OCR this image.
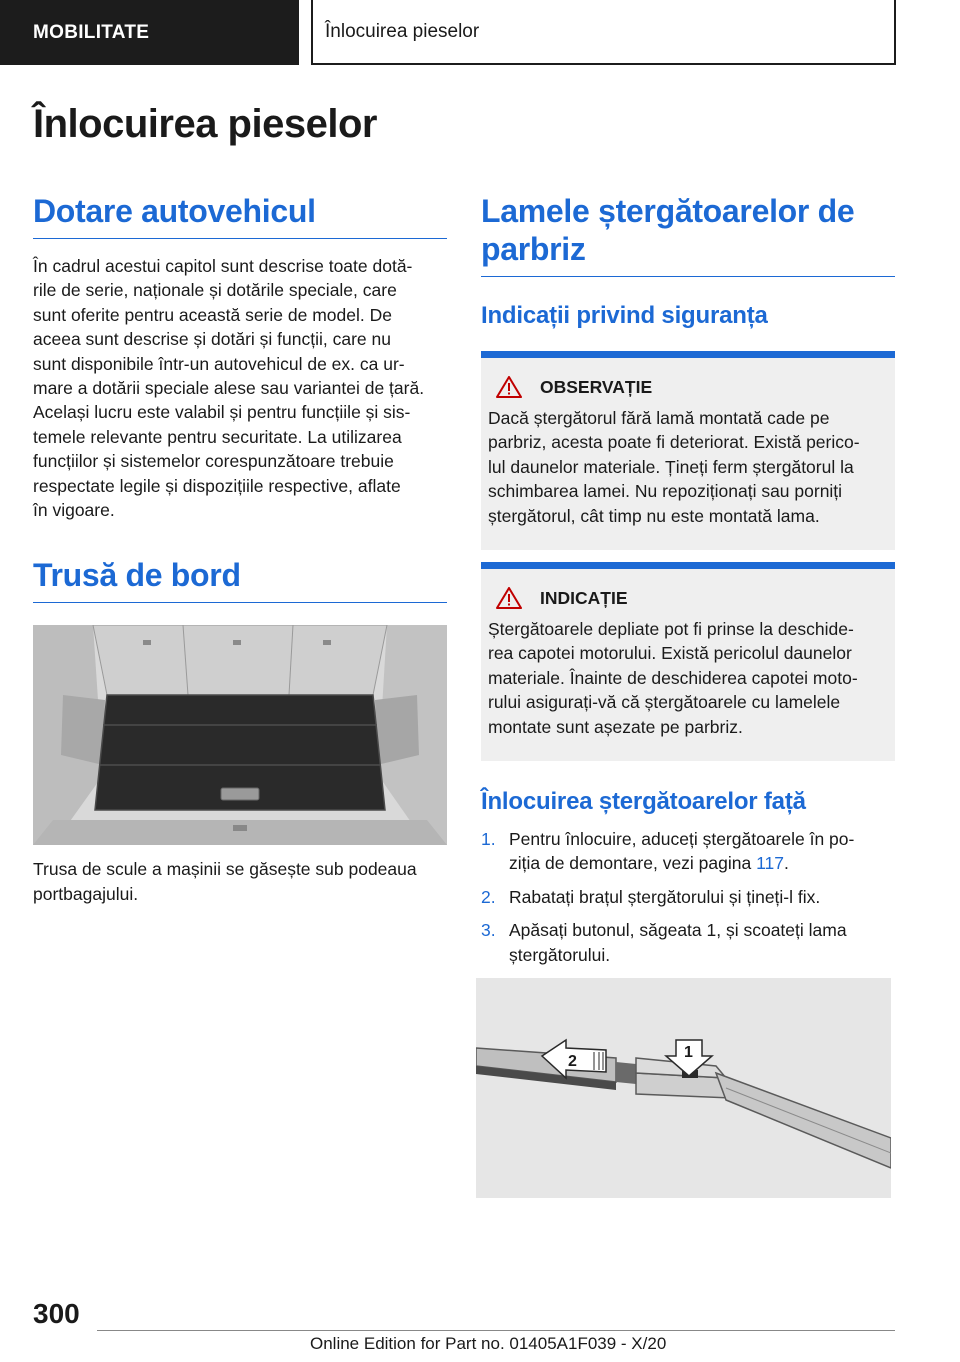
MOBILITATE	Înlocuirea pieselor
Înlocuirea pieselor
Dotare autovehicul
În cadrul acestui capitol sunt descrise toate dotă-
rile de serie, naționale și dotările speciale, care
sunt oferite pentru această serie de model. De
aceea sunt descrise și dotări și funcții, care nu
sunt disponibile într-un autovehicul de ex. ca ur-
mare a dotării speciale alese sau variantei de țară.
Același lucru este valabil și pentru funcțiile și sis-
temele relevante pentru securitate. La utilizarea
funcțiilor și sistemelor corespunzătoare trebuie
respectate legile și dispozițiile respective, aflate
în vigoare.
Trusă de bord
Trusa de scule a mașinii se găsește sub podeaua
portbagajului.
Lamele ștergătoarelor de
parbriz
Indicații privind siguranța
OBSERVAȚIE
Dacă ștergătorul fără lamă montată cade pe
parbriz, acesta poate fi deteriorat. Există perico-
lul daunelor materiale. Țineți ferm ștergătorul la
schimbarea lamei. Nu repoziționați sau porniți
ștergătorul, cât timp nu este montată lama.
INDICAȚIE
Ștergătoarele depliate pot fi prinse la deschide-
rea capotei motorului. Există pericolul daunelor
materiale. Înainte de deschiderea capotei moto-
rului asigurați-vă că ștergătoarele cu lamelele
montate sunt așezate pe parbriz.
Înlocuirea ștergătoarelor față
1. Pentru înlocuire, aduceți ștergătoarele în po-
ziția de demontare, vezi pagina 117.
2. Rabatați brațul ștergătorului și țineți-l fix.
3. Apăsați butonul, săgeata 1, și scoateți lama
ștergătorului.
2
1
300
Online Edition for Part no. 01405A1F039 - X/20
